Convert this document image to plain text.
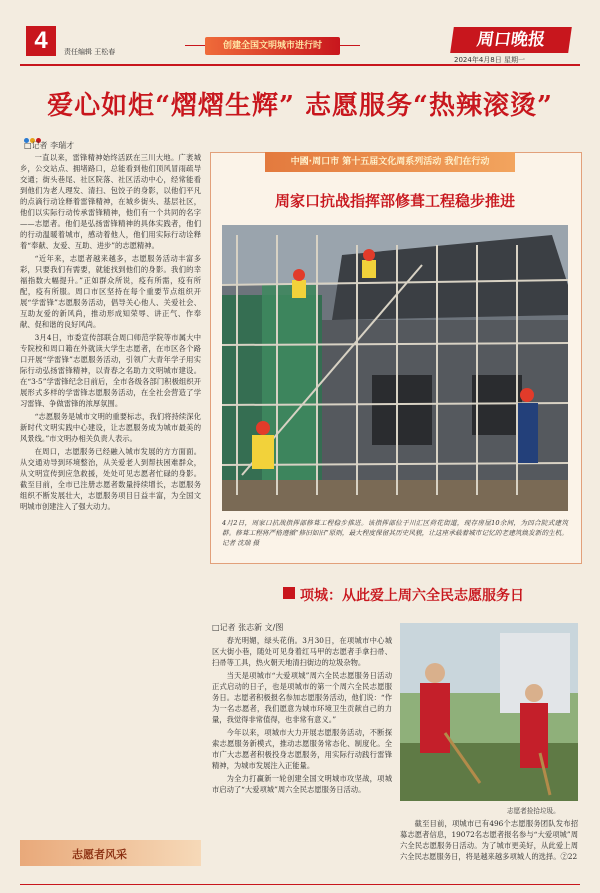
4	责任编辑 王松春
创建全国文明城市进行时	周口晚报
2024年4月8日 星期一
爱心如炬“熠熠生辉” 志愿服务“热辣滚烫”
□记者 李瑞才

一直以来，雷锋精神始终活跃在三川大地。广袤城乡，公交站点、拥堵路口，总能看到他们顶风冒雨疏导交通；街头巷尾、社区院落、社区活动中心，经常能看到他们为老人理发、清扫、包饺子的身影，以他们平凡的点滴行动诠释着雷锋精神，在城乡街头、基层社区，他们以实际行动传承雷锋精神，他们有一个共同的名字——志愿者。他们是弘扬雷锋精神的具体实践者，他们的行动温暖着城市，感动着他人，他们用实际行动诠释着“奉献、友爱、互助、进步”的志愿精神。

“近年来，志愿者越来越多，志愿服务活动丰富多彩，只要我们有需要，就能找到他们的身影。我们的幸福指数大幅提升。”正如群众所说，疫有所需，疫有所配，疫有所服。周口市区坚持在每个重要节点组织开展“学雷锋”志愿服务活动，倡导关心他人、关爱社会、互助友爱的新风尚，推动形成知荣辱、讲正气、作奉献、促和谐的良好风尚。

3月4日，市委宣传部联合周口师范学院等市属大中专院校和周口籍在外就读大学生志愿者，在市区各个路口开展“学雷锋”志愿服务活动，引领广大青年学子用实际行动弘扬雷锋精神，以青春之名助力文明城市建设。在“3·5”学雷锋纪念日前后，全市各级各部门积极组织开展形式多样的学雷锋志愿服务活动，在全社会营造了学习雷锋、争做雷锋的浓厚氛围。

“志愿服务是城市文明的重要标志，我们将持续深化新时代文明实践中心建设，让志愿服务成为城市最美的风景线。”市文明办相关负责人表示。

在周口，志愿服务已经融入城市发展的方方面面。从交通劝导到环境整治，从关爱老人到帮扶困难群众，从文明宣传到应急救援，处处可见志愿者忙碌的身影。截至目前，全市已注册志愿者数量持续增长，志愿服务组织不断发展壮大，志愿服务项目日益丰富，为全国文明城市创建注入了强大动力。

志愿者风采
中國·周口市 第十五届文化周系列活动 我们在行动
周家口抗战指挥部修葺工程稳步推进
4月2日，周家口抗战指挥部修葺工程稳步推进。该指挥部位于川汇区荷花街道，现存房屋10余间，为四合院式建筑群。修葺工程将严格遵循“修旧如旧”原则，最大程度保留其历史风貌，让这座承载着城市记忆的老建筑焕发新的生机。 记者 沈瑞 摄
项城：从此爱上周六全民志愿服务日
□记者 张志新 文/图

春光明媚，绿头花俏。3月30日，在项城市中心城区大街小巷，随处可见身着红马甲的志愿者手拿扫帚、扫帚等工具，热火朝天地清扫街边的垃圾杂物。

当天是项城市“大爱项城”周六全民志愿服务日活动正式启动的日子，也是项城市的第一个周六全民志愿服务日。志愿者积极报名参加志愿服务活动，他们说：“作为一名志愿者，我们愿意为城市环境卫生贡献自己的力量，我觉得非常值得，也非常有意义。”

今年以来，项城市大力开展志愿服务活动，不断探索志愿服务新模式，推动志愿服务常态化、制度化。全市广大志愿者积极投身志愿服务，用实际行动践行雷锋精神，为城市发展注入正能量。

为全力打赢新一轮创建全国文明城市攻坚战，项城市启动了“大爱项城”周六全民志愿服务日活动。

志愿者捡拾垃圾。

截至目前，项城市已有496个志愿服务团队发布招募志愿者信息，19072名志愿者报名参与“大爱项城”周六全民志愿服务日活动。为了城市更美好，从此爱上周六全民志愿服务日，将是越来越多项城人的选择。②22
